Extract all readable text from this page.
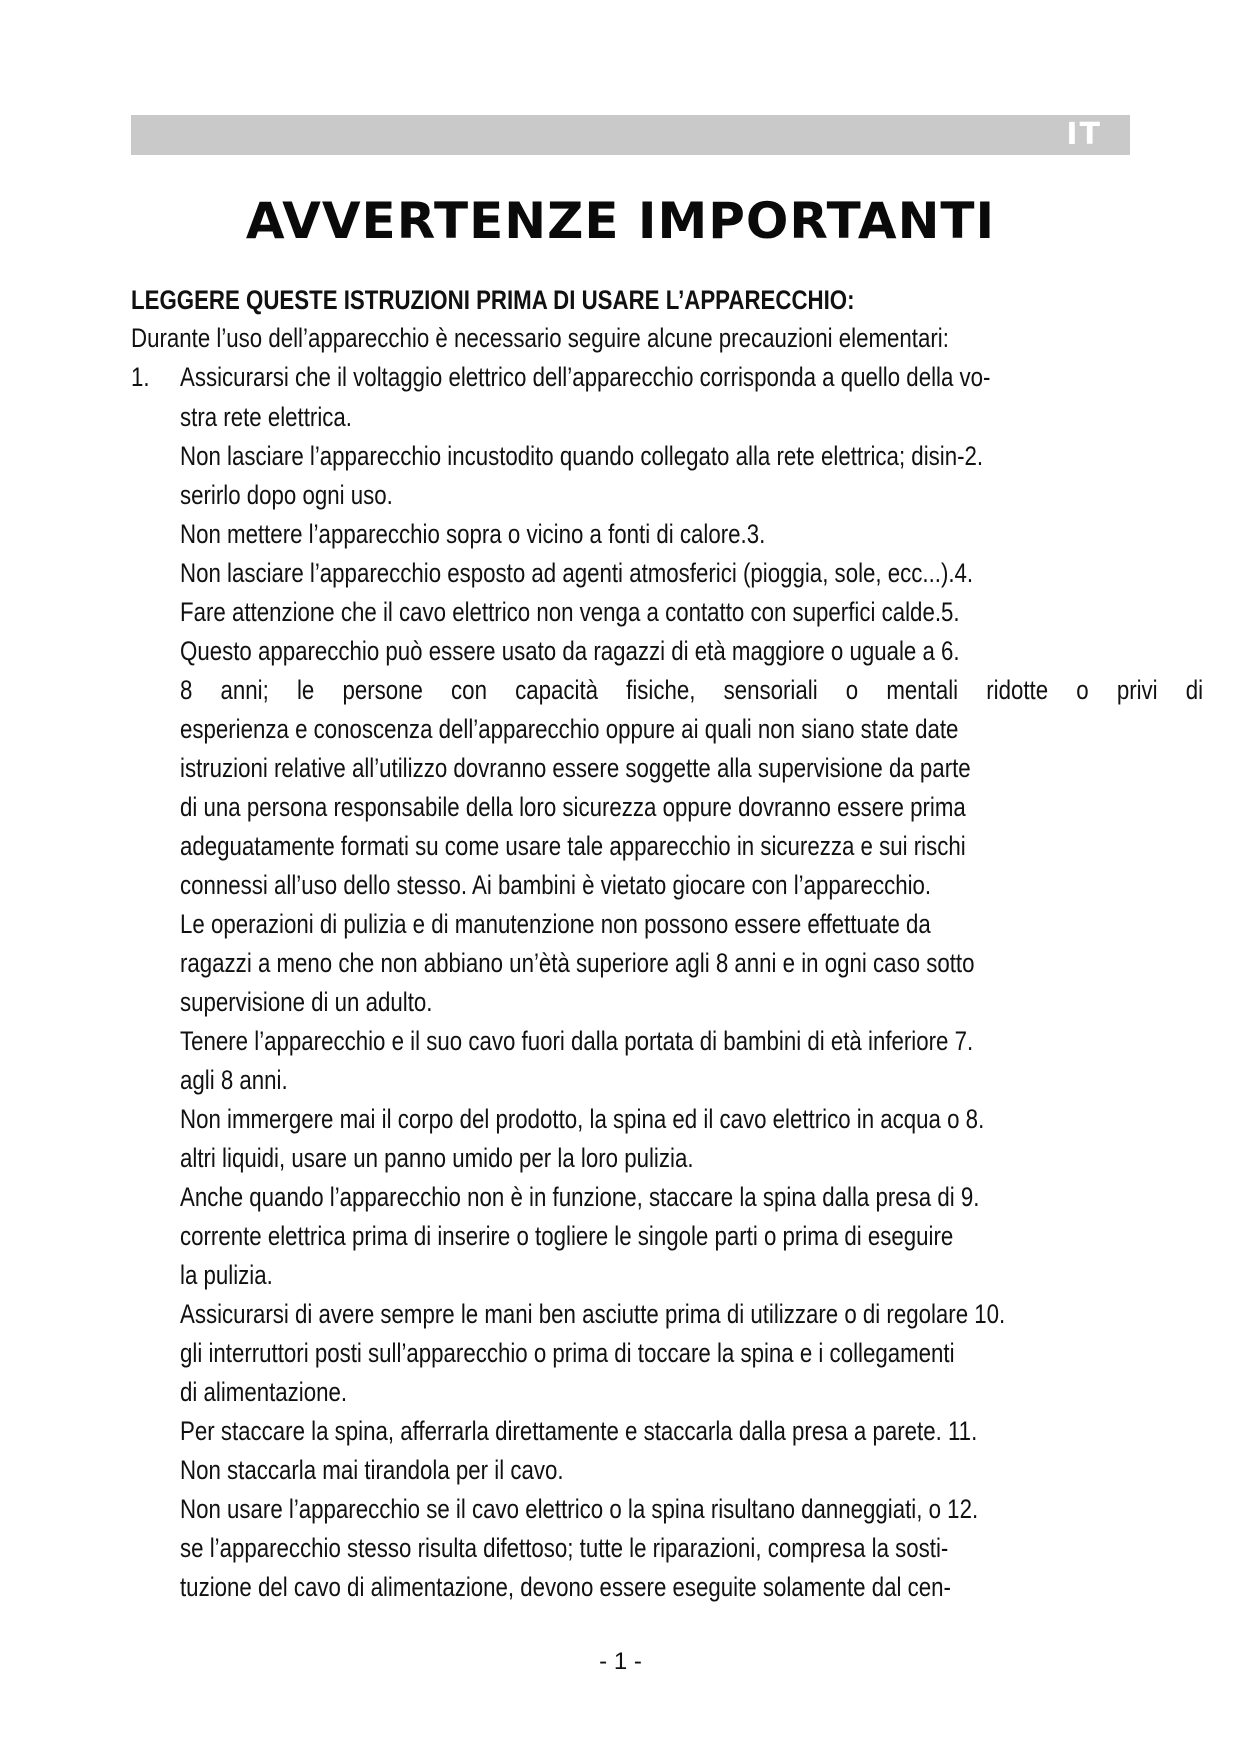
IT
AVVERTENZE IMPORTANTI
LEGGERE QUESTE ISTRUZIONI PRIMA DI USARE L’APPARECCHIO:
Durante l’uso dell’apparecchio è necessario seguire alcune precauzioni elementari:
1. Assicurarsi che il voltaggio elettrico dell’apparecchio corrisponda a quello della vo-
stra rete elettrica.
Non lasciare l’apparecchio incustodito quando collegato alla rete elettrica; disin-2.
serirlo dopo ogni uso.
Non mettere l’apparecchio sopra o vicino a fonti di calore.3.
Non lasciare l’apparecchio esposto ad agenti atmosferici (pioggia, sole, ecc...).4.
Fare attenzione che il cavo elettrico non venga a contatto con superfici calde.5.
Questo apparecchio può essere usato da ragazzi di età maggiore o uguale a 6.
8 anni; le persone con capacità fisiche, sensoriali o mentali ridotte o privi di
esperienza e conoscenza dell’apparecchio oppure ai quali non siano state date
istruzioni relative all’utilizzo dovranno essere soggette alla supervisione da parte
di una persona responsabile della loro sicurezza oppure dovranno essere prima
adeguatamente formati su come usare tale apparecchio in sicurezza e sui rischi
connessi all’uso dello stesso. Ai bambini è vietato giocare con l’apparecchio.
Le operazioni di pulizia e di manutenzione non possono essere effettuate da
ragazzi a meno che non abbiano un’ètà superiore agli 8 anni e in ogni caso sotto
supervisione di un adulto.
Tenere l’apparecchio e il suo cavo fuori dalla portata di bambini di età inferiore 7.
agli 8 anni.
Non immergere mai il corpo del prodotto, la spina ed il cavo elettrico in acqua o 8.
altri liquidi, usare un panno umido per la loro pulizia.
Anche quando l’apparecchio non è in funzione, staccare la spina dalla presa di 9.
corrente elettrica prima di inserire o togliere le singole parti o prima di eseguire
la pulizia.
Assicurarsi di avere sempre le mani ben asciutte prima di utilizzare o di regolare 10.
gli interruttori posti sull’apparecchio o prima di toccare la spina e i collegamenti
di alimentazione.
Per staccare la spina, afferrarla direttamente e staccarla dalla presa a parete. 11.
Non staccarla mai tirandola per il cavo.
Non usare l’apparecchio se il cavo elettrico o la spina risultano danneggiati, o 12.
se l’apparecchio stesso risulta difettoso; tutte le riparazioni, compresa la sosti-
tuzione del cavo di alimentazione, devono essere eseguite solamente dal cen-
- 1 -
